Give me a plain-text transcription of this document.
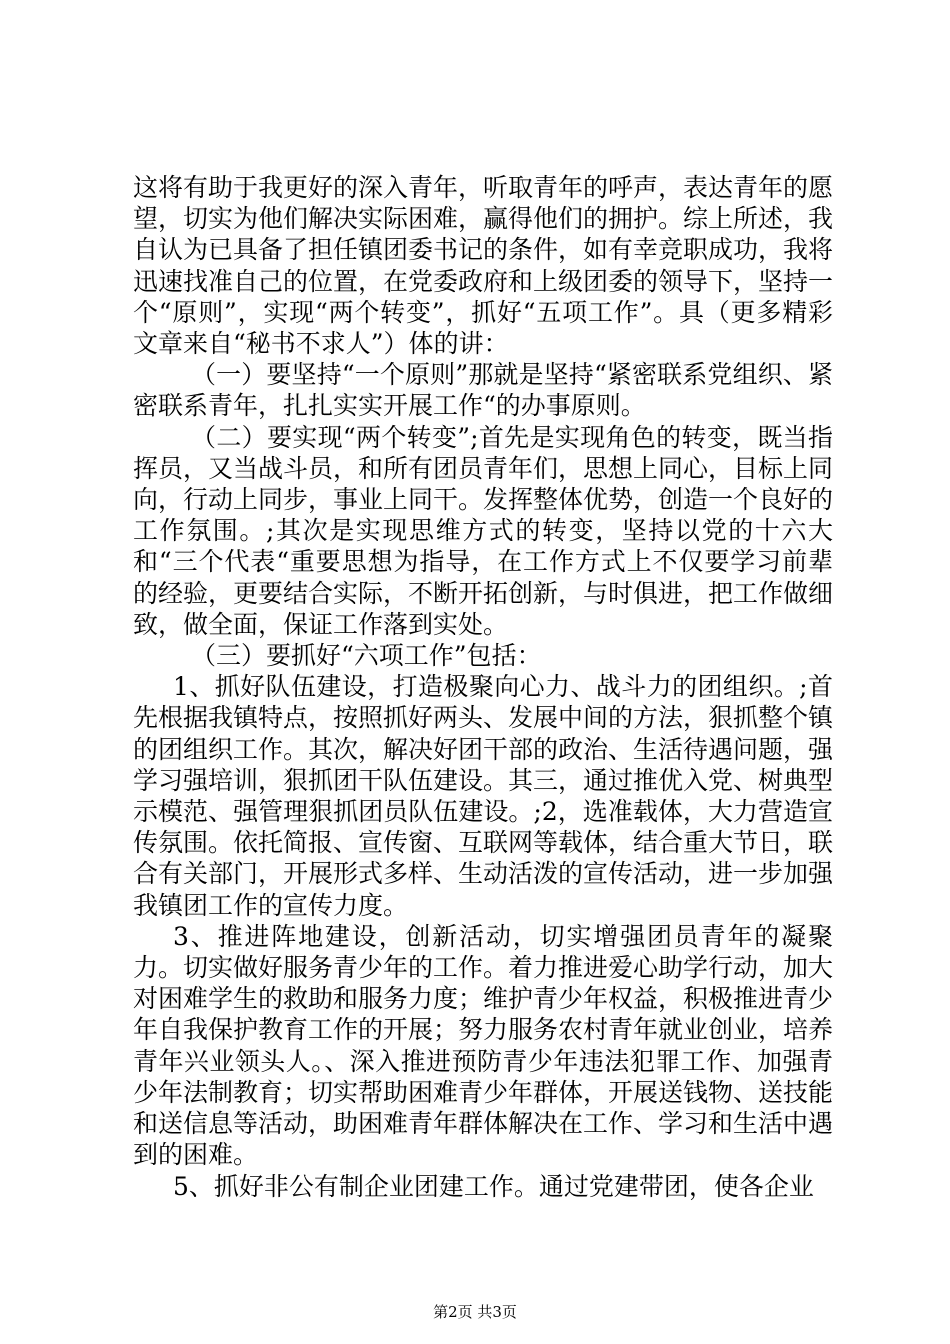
这将有助于我更好的深入青年，听取青年的呼声，表达青年的愿望，切实为他们解决实际困难，赢得他们的拥护。综上所述，我自认为已具备了担任镇团委书记的条件，如有幸竞职成功，我将迅速找准自己的位置，在党委政府和上级团委的领导下，坚持一个“原则”，实现“两个转变”，抓好“五项工作”。具（更多精彩文章来自“秘书不求人”）体的讲：

（一）要坚持“一个原则”那就是坚持“紧密联系党组织、紧密联系青年，扎扎实实开展工作“的办事原则。

（二）要实现“两个转变”;首先是实现角色的转变，既当指挥员，又当战斗员，和所有团员青年们，思想上同心，目标上同向，行动上同步，事业上同干。发挥整体优势，创造一个良好的工作氛围。;其次是实现思维方式的转变，坚持以党的十六大和“三个代表“重要思想为指导，在工作方式上不仅要学习前辈的经验，更要结合实际，不断开拓创新，与时俱进，把工作做细致，做全面，保证工作落到实处。

（三）要抓好“六项工作”包括：

1、抓好队伍建设，打造极聚向心力、战斗力的团组织。;首先根据我镇特点，按照抓好两头、发展中间的方法，狠抓整个镇的团组织工作。其次，解决好团干部的政治、生活待遇问题，强学习强培训，狠抓团干队伍建设。其三，通过推优入党、树典型示模范、强管理狠抓团员队伍建设。;2，选准载体，大力营造宣传氛围。依托简报、宣传窗、互联网等载体，结合重大节日，联合有关部门，开展形式多样、生动活泼的宣传活动，进一步加强我镇团工作的宣传力度。

3、推进阵地建设，创新活动，切实增强团员青年的凝聚力。切实做好服务青少年的工作。着力推进爱心助学行动，加大对困难学生的救助和服务力度；维护青少年权益，积极推进青少年自我保护教育工作的开展；努力服务农村青年就业创业，培养青年兴业领头人。、深入推进预防青少年违法犯罪工作、加强青少年法制教育；切实帮助困难青少年群体，开展送钱物、送技能和送信息等活动，助困难青年群体解决在工作、学习和生活中遇到的困难。

5、抓好非公有制企业团建工作。通过党建带团，使各企业

第2页 共3页
